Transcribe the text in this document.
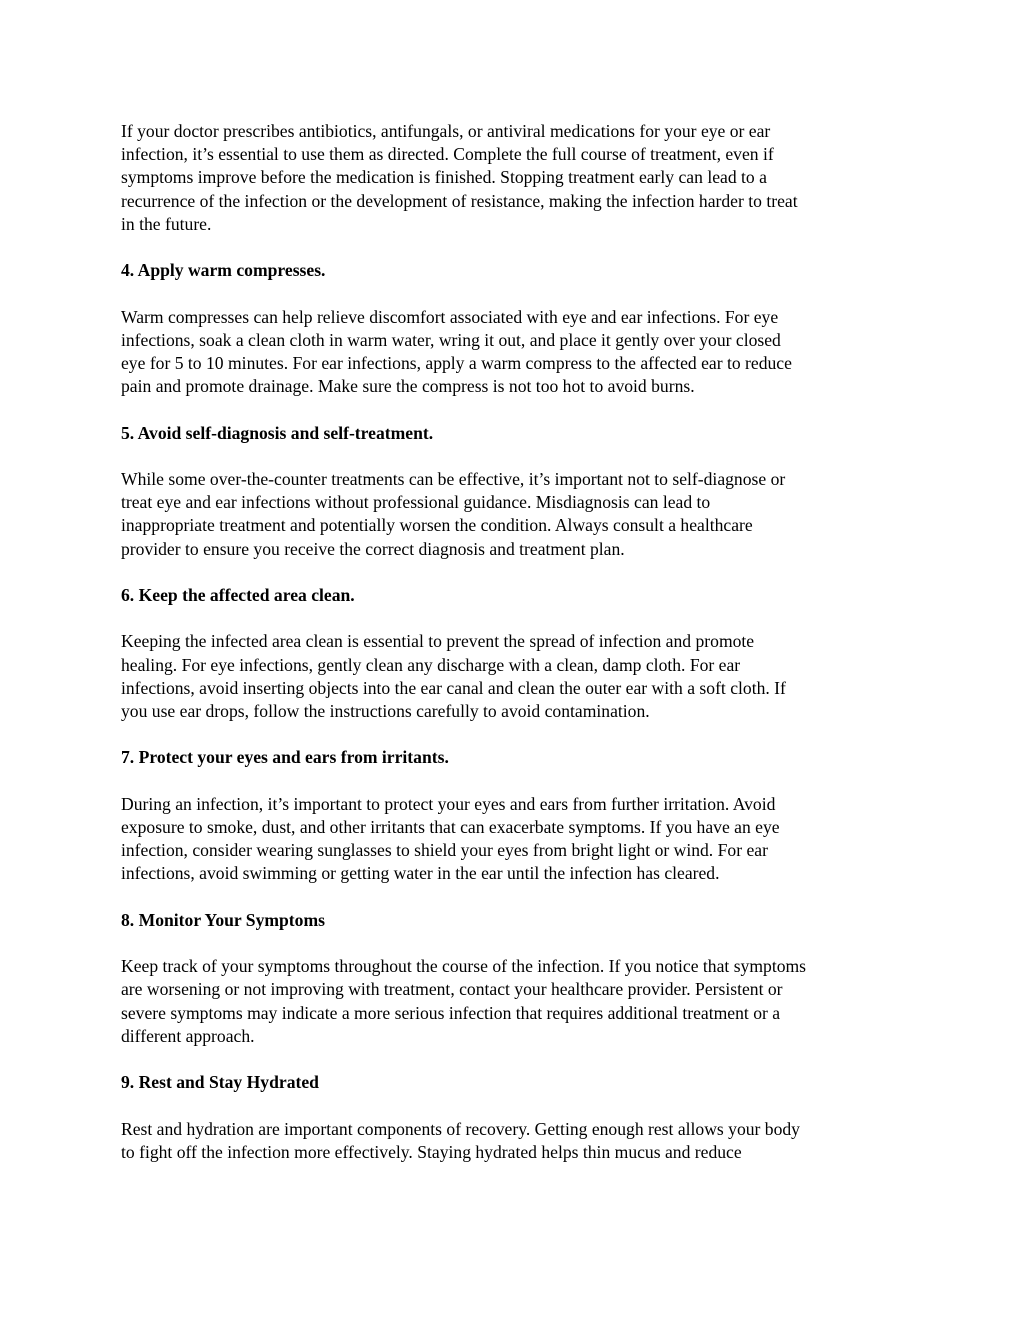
If your doctor prescribes antibiotics, antifungals, or antiviral medications for your eye or ear
infection, it’s essential to use them as directed. Complete the full course of treatment, even if
symptoms improve before the medication is finished. Stopping treatment early can lead to a
recurrence of the infection or the development of resistance, making the infection harder to treat
in the future.
4. Apply warm compresses.
Warm compresses can help relieve discomfort associated with eye and ear infections. For eye
infections, soak a clean cloth in warm water, wring it out, and place it gently over your closed
eye for 5 to 10 minutes. For ear infections, apply a warm compress to the affected ear to reduce
pain and promote drainage. Make sure the compress is not too hot to avoid burns.
5. Avoid self-diagnosis and self-treatment.
While some over-the-counter treatments can be effective, it’s important not to self-diagnose or
treat eye and ear infections without professional guidance. Misdiagnosis can lead to
inappropriate treatment and potentially worsen the condition. Always consult a healthcare
provider to ensure you receive the correct diagnosis and treatment plan.
6. Keep the affected area clean.
Keeping the infected area clean is essential to prevent the spread of infection and promote
healing. For eye infections, gently clean any discharge with a clean, damp cloth. For ear
infections, avoid inserting objects into the ear canal and clean the outer ear with a soft cloth. If
you use ear drops, follow the instructions carefully to avoid contamination.
7. Protect your eyes and ears from irritants.
During an infection, it’s important to protect your eyes and ears from further irritation. Avoid
exposure to smoke, dust, and other irritants that can exacerbate symptoms. If you have an eye
infection, consider wearing sunglasses to shield your eyes from bright light or wind. For ear
infections, avoid swimming or getting water in the ear until the infection has cleared.
8. Monitor Your Symptoms
Keep track of your symptoms throughout the course of the infection. If you notice that symptoms
are worsening or not improving with treatment, contact your healthcare provider. Persistent or
severe symptoms may indicate a more serious infection that requires additional treatment or a
different approach.
9. Rest and Stay Hydrated
Rest and hydration are important components of recovery. Getting enough rest allows your body
to fight off the infection more effectively. Staying hydrated helps thin mucus and reduce
